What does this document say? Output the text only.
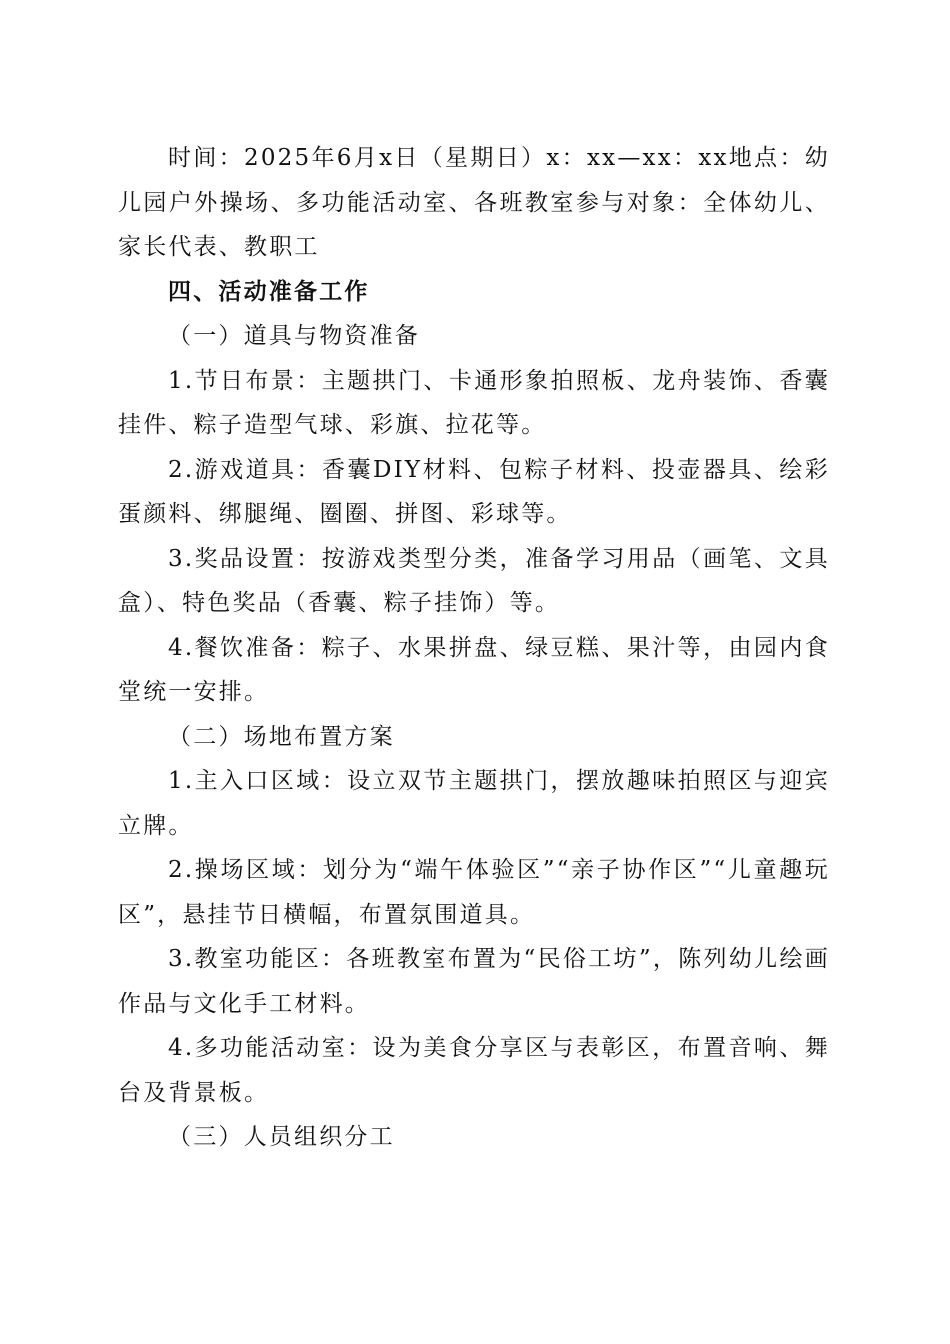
时间：2025年6月x日（星期日）x：xx—xx：xx地点：幼儿园户外操场、多功能活动室、各班教室参与对象：全体幼儿、家长代表、教职工

四、活动准备工作

（一）道具与物资准备

1.节日布景：主题拱门、卡通形象拍照板、龙舟装饰、香囊挂件、粽子造型气球、彩旗、拉花等。

2.游戏道具：香囊DIY材料、包粽子材料、投壶器具、绘彩蛋颜料、绑腿绳、圈圈、拼图、彩球等。

3.奖品设置：按游戏类型分类，准备学习用品（画笔、文具盒）、特色奖品（香囊、粽子挂饰）等。

4.餐饮准备：粽子、水果拼盘、绿豆糕、果汁等，由园内食堂统一安排。

（二）场地布置方案

1.主入口区域：设立双节主题拱门，摆放趣味拍照区与迎宾立牌。

2.操场区域：划分为“端午体验区”“亲子协作区”“儿童趣玩区”，悬挂节日横幅，布置氛围道具。

3.教室功能区：各班教室布置为“民俗工坊”，陈列幼儿绘画作品与文化手工材料。

4.多功能活动室：设为美食分享区与表彰区，布置音响、舞台及背景板。

（三）人员组织分工
